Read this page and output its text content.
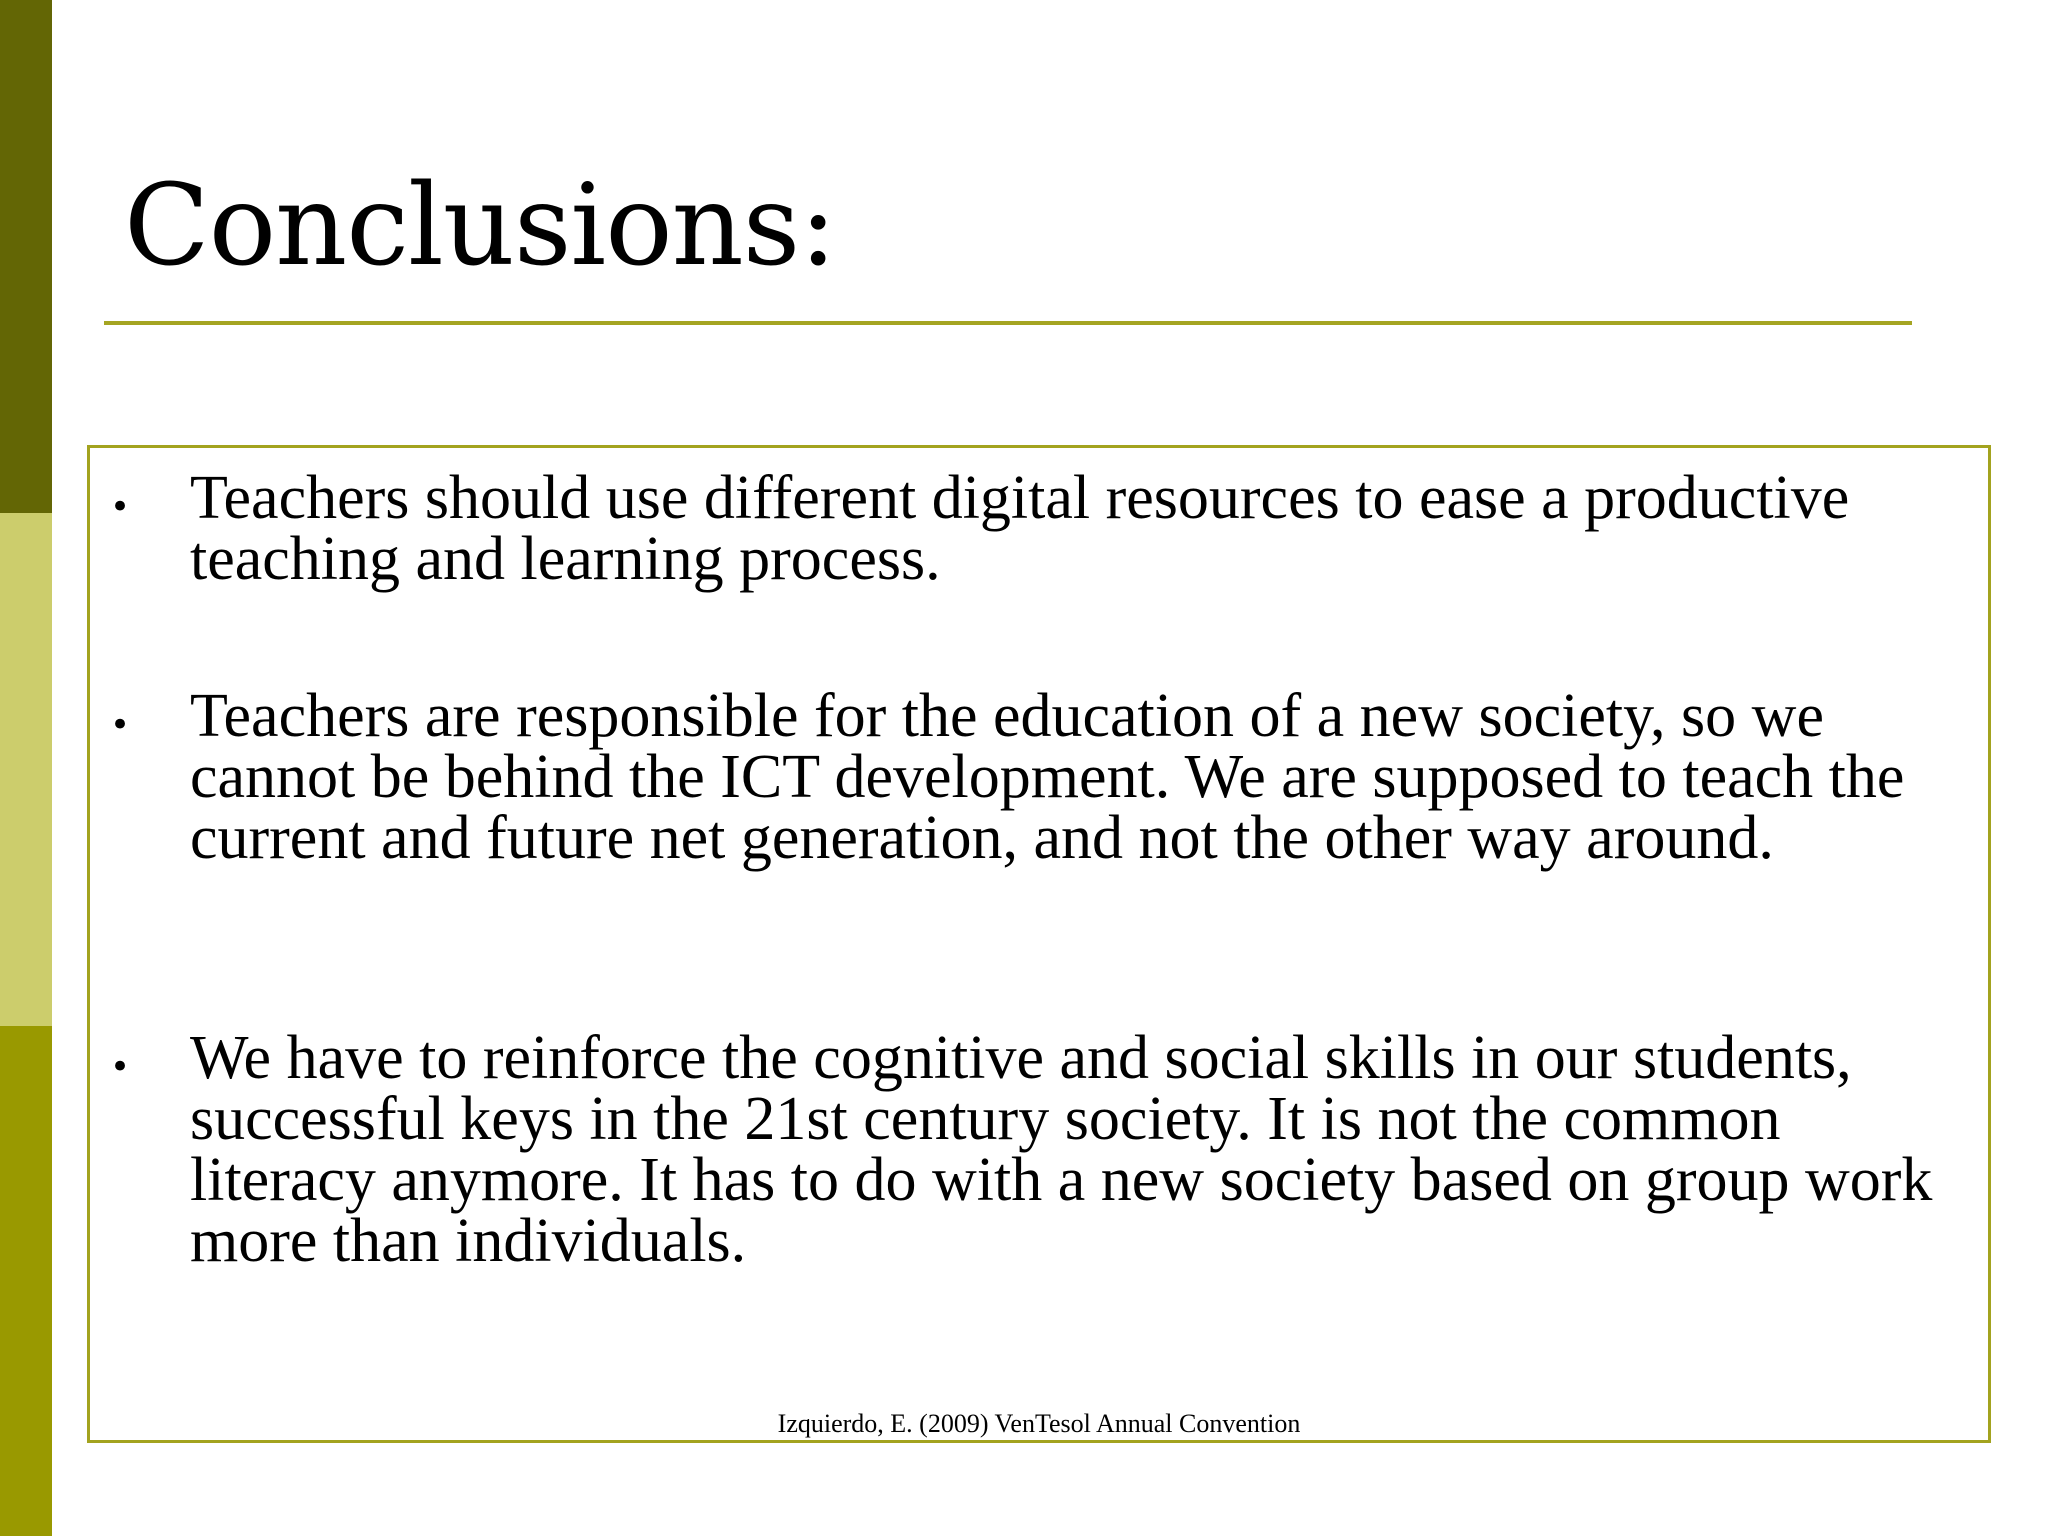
Conclusions:
• Teachers should use different digital resources to ease a productive teaching and learning process.

• Teachers are responsible for the education of a new society, so we cannot be behind the ICT development. We are supposed to teach the current and future net generation, and not the other way around.

• We have to reinforce the cognitive and social skills in our students, successful keys in the 21st century society. It is not the common literacy anymore. It has to do with a new society based on group work more than individuals.

Izquierdo, E. (2009) VenTesol Annual Convention
